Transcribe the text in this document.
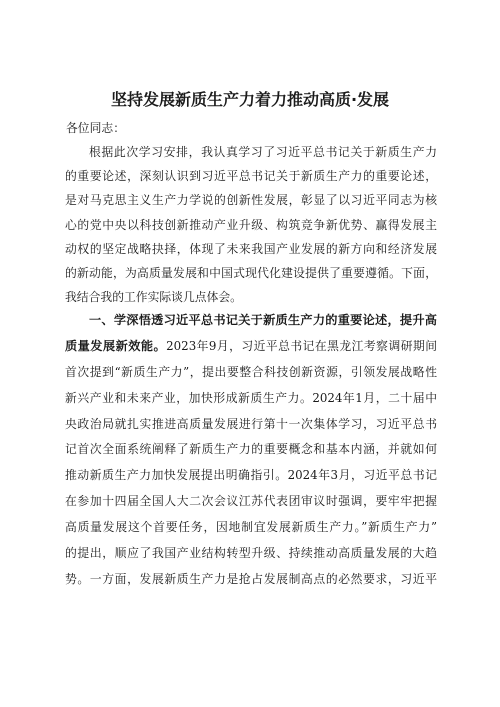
坚持发展新质生产力着力推动高质·发展
各位同志：
根据此次学习安排，我认真学习了习近平总书记关于新质生产力
的重要论述，深刻认识到习近平总书记关于新质生产力的重要论述，
是对马克思主义生产力学说的创新性发展，彰显了以习近平同志为核
心的党中央以科技创新推动产业升级、构筑竞争新优势、赢得发展主
动权的坚定战略抉择，体现了未来我国产业发展的新方向和经济发展
的新动能，为高质量发展和中国式现代化建设提供了重要遵循。下面，
我结合我的工作实际谈几点体会。
一、学深悟透习近平总书记关于新质生产力的重要论述，提升高
质量发展新效能。2023年9月，习近平总书记在黑龙江考察调研期间
首次提到“新质生产力”，提出要整合科技创新资源，引领发展战略性
新兴产业和未来产业，加快形成新质生产力。2024年1月，二十届中
央政治局就扎实推进高质量发展进行第十一次集体学习，习近平总书
记首次全面系统阐释了新质生产力的重要概念和基本内涵，并就如何
推动新质生产力加快发展提出明确指引。2024年3月，习近平总书记
在参加十四届全国人大二次会议江苏代表团审议时强调，要牢牢把握
高质量发展这个首要任务，因地制宜发展新质生产力。”新质生产力”
的提出，顺应了我国产业结构转型升级、持续推动高质量发展的大趋
势。一方面，发展新质生产力是抢占发展制高点的必然要求，习近平
